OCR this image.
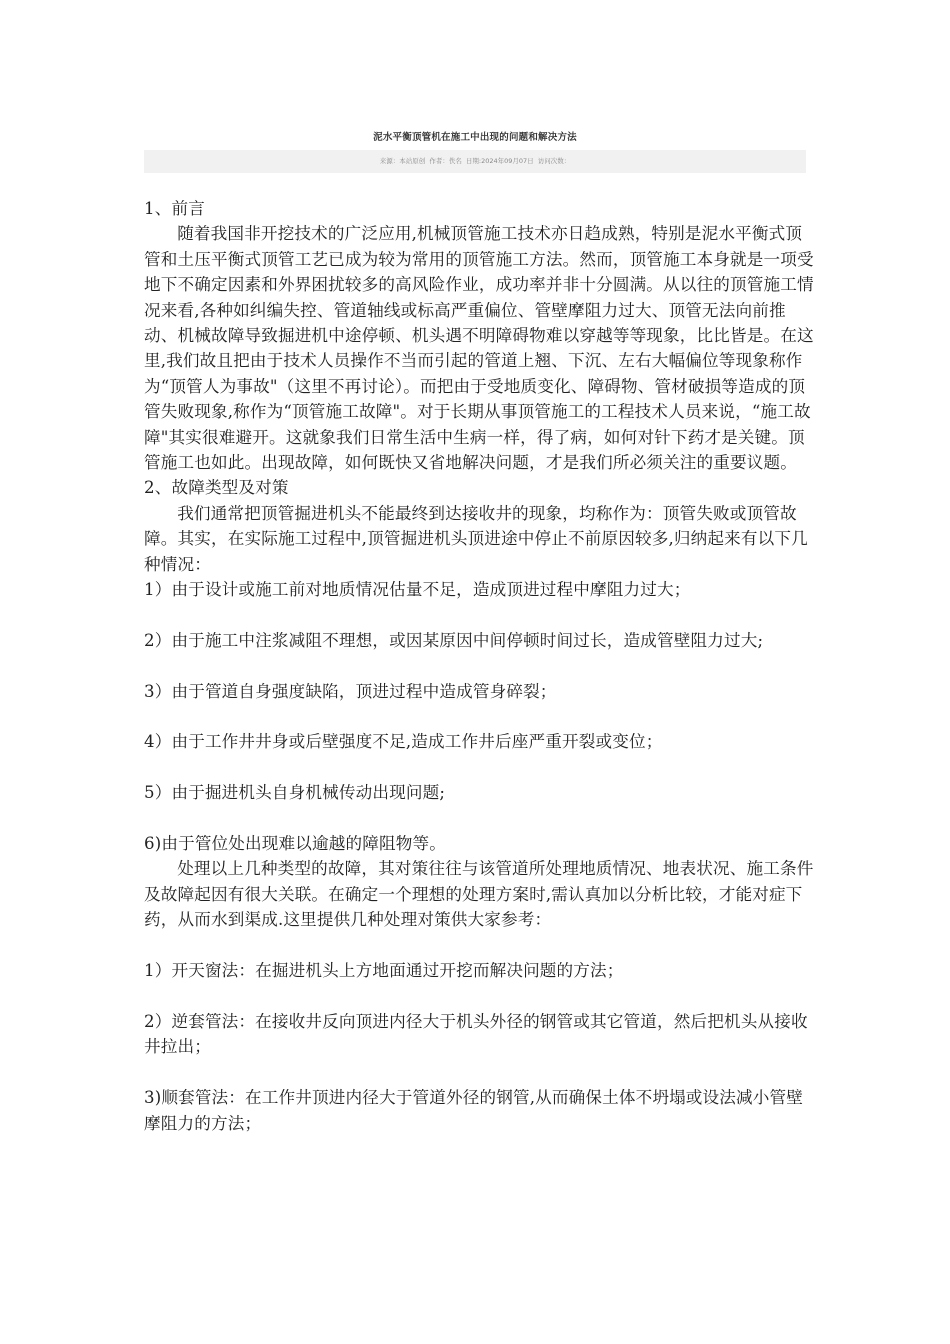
泥水平衡顶管机在施工中出现的问题和解决方法
来源：本站原创 作者：佚名 日期:2024年09月07日 访问次数：

1、前言

随着我国非开挖技术的广泛应用,机械顶管施工技术亦日趋成熟，特别是泥水平衡式顶管和土压平衡式顶管工艺已成为较为常用的顶管施工方法。然而，顶管施工本身就是一项受地下不确定因素和外界困扰较多的高风险作业，成功率并非十分圆满。从以往的顶管施工情况来看,各种如纠编失控、管道轴线或标高严重偏位、管壁摩阻力过大、顶管无法向前推动、机械故障导致掘进机中途停顿、机头遇不明障碍物难以穿越等等现象，比比皆是。在这里,我们故且把由于技术人员操作不当而引起的管道上翘、下沉、左右大幅偏位等现象称作为“顶管人为事故"（这里不再讨论）。而把由于受地质变化、障碍物、管材破损等造成的顶管失败现象,称作为“顶管施工故障"。对于长期从事顶管施工的工程技术人员来说，“施工故障"其实很难避开。这就象我们日常生活中生病一样，得了病，如何对针下药才是关键。顶管施工也如此。出现故障，如何既快又省地解决问题，才是我们所必须关注的重要议题。

2、故障类型及对策

我们通常把顶管掘进机头不能最终到达接收井的现象，均称作为：顶管失败或顶管故障。其实，在实际施工过程中,顶管掘进机头顶进途中停止不前原因较多,归纳起来有以下几种情况：

1）由于设计或施工前对地质情况估量不足，造成顶进过程中摩阻力过大；

2）由于施工中注浆减阻不理想，或因某原因中间停顿时间过长，造成管壁阻力过大;

3）由于管道自身强度缺陷，顶进过程中造成管身碎裂；

4）由于工作井井身或后壁强度不足,造成工作井后座严重开裂或变位；

5）由于掘进机头自身机械传动出现问题;

6)由于管位处出现难以逾越的障阻物等。

处理以上几种类型的故障，其对策往往与该管道所处理地质情况、地表状况、施工条件及故障起因有很大关联。在确定一个理想的处理方案时,需认真加以分析比较，才能对症下药，从而水到渠成.这里提供几种处理对策供大家参考：

1）开天窗法：在掘进机头上方地面通过开挖而解决问题的方法；

2）逆套管法：在接收井反向顶进内径大于机头外径的钢管或其它管道，然后把机头从接收井拉出；

3)顺套管法：在工作井顶进内径大于管道外径的钢管,从而确保土体不坍塌或设法减小管壁摩阻力的方法；
